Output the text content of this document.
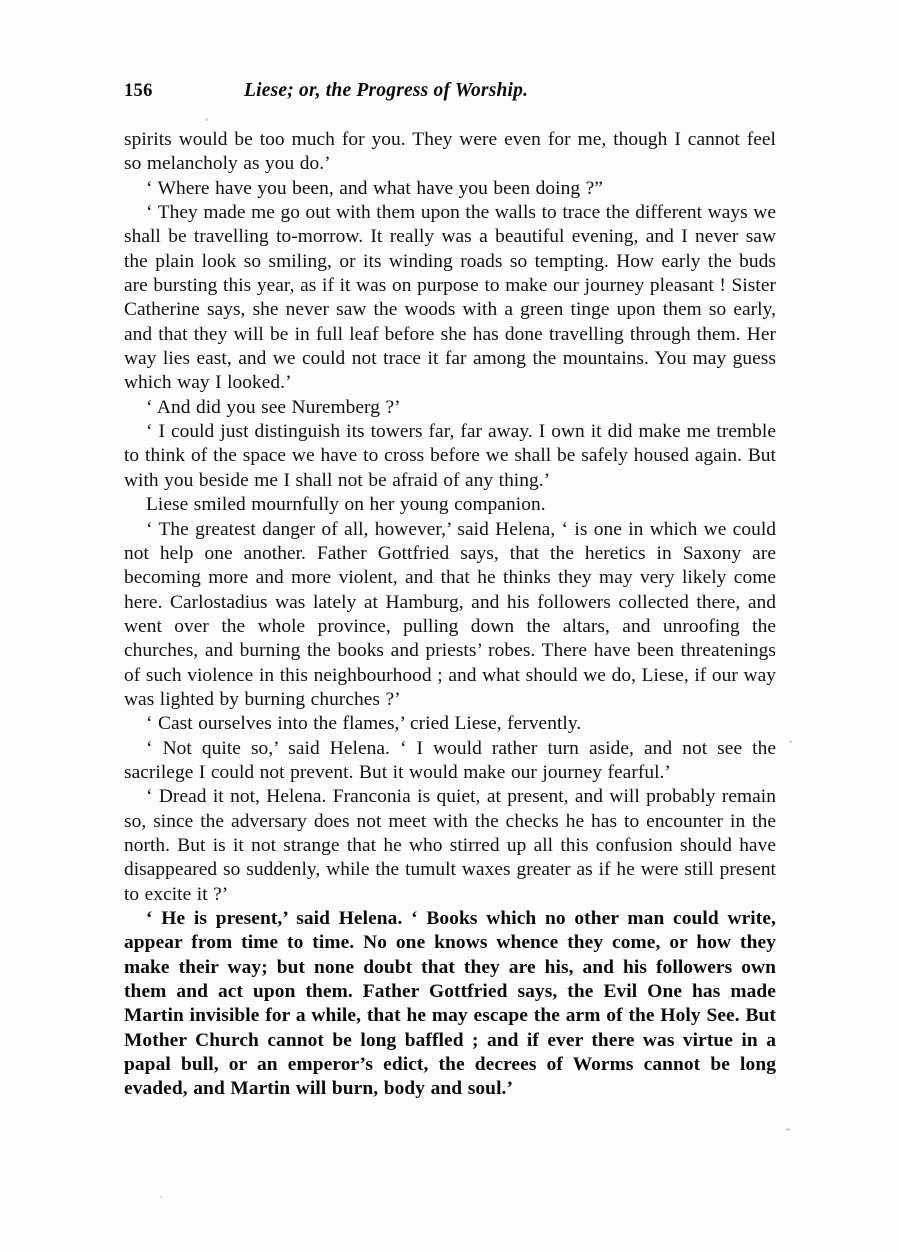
156	Liese; or, the Progress of Worship.

spirits would be too much for you. They were even for me, though I cannot feel so melancholy as you do.’

‘ Where have you been, and what have you been doing ?”

‘ They made me go out with them upon the walls to trace the different ways we shall be travelling to-morrow. It really was a beautiful evening, and I never saw the plain look so smiling, or its winding roads so tempting. How early the buds are bursting this year, as if it was on purpose to make our journey pleasant ! Sister Catherine says, she never saw the woods with a green tinge upon them so early, and that they will be in full leaf before she has done travelling through them. Her way lies east, and we could not trace it far among the mountains. You may guess which way I looked.’

‘ And did you see Nuremberg ?’

‘ I could just distinguish its towers far, far away. I own it did make me tremble to think of the space we have to cross before we shall be safely housed again. But with you beside me I shall not be afraid of any thing.’

Liese smiled mournfully on her young companion.

‘ The greatest danger of all, however,’ said Helena, ‘ is one in which we could not help one another. Father Gottfried says, that the heretics in Saxony are becoming more and more violent, and that he thinks they may very likely come here. Carlostadius was lately at Hamburg, and his followers collected there, and went over the whole province, pulling down the altars, and unroofing the churches, and burning the books and priests’ robes. There have been threatenings of such violence in this neighbourhood ; and what should we do, Liese, if our way was lighted by burning churches ?’

‘ Cast ourselves into the flames,’ cried Liese, fervently.

‘ Not quite so,’ said Helena. ‘ I would rather turn aside, and not see the sacrilege I could not prevent. But it would make our journey fearful.’

‘ Dread it not, Helena. Franconia is quiet, at present, and will probably remain so, since the adversary does not meet with the checks he has to encounter in the north. But is it not strange that he who stirred up all this confusion should have disappeared so suddenly, while the tumult waxes greater as if he were still present to excite it ?’

‘ He is present,’ said Helena. ‘ Books which no other man could write, appear from time to time. No one knows whence they come, or how they make their way; but none doubt that they are his, and his followers own them and act upon them. Father Gottfried says, the Evil One has made Martin invisible for a while, that he may escape the arm of the Holy See. But Mother Church cannot be long baffled ; and if ever there was virtue in a papal bull, or an emperor’s edict, the decrees of Worms cannot be long evaded, and Martin will burn, body and soul.’
